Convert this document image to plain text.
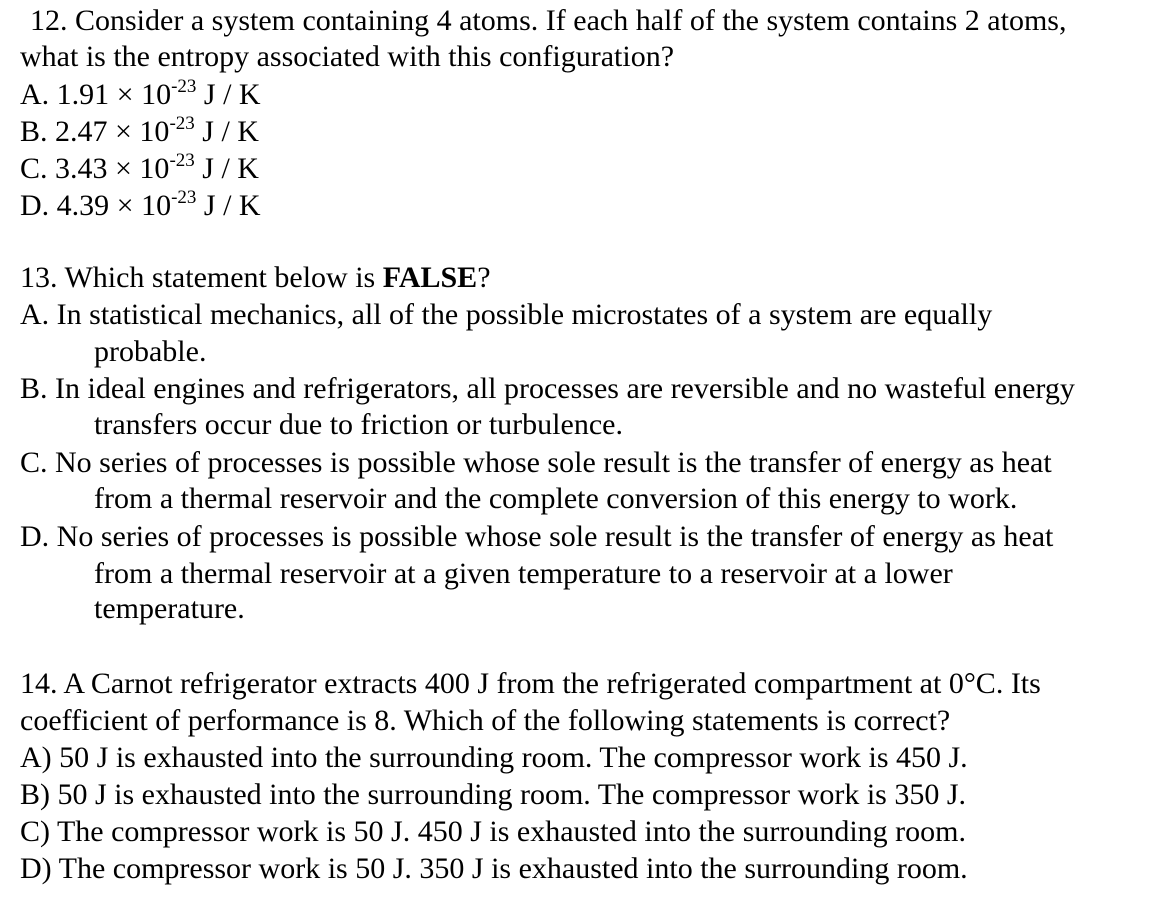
12. Consider a system containing 4 atoms. If each half of the system contains 2 atoms,

what is the entropy associated with this configuration?

A. $1.91 \times 10^{-23}$ J / K

B. $2.47 \times 10^{-23}$ J / K

C. $3.43 \times 10^{-23}$ J / K

D. $4.39 \times 10^{-23}$ J / K

13. Which statement below is FALSE?

A. In statistical mechanics, all of the possible microstates of a system are equally

probable.

B. In ideal engines and refrigerators, all processes are reversible and no wasteful energy

transfers occur due to friction or turbulence.

C. No series of processes is possible whose sole result is the transfer of energy as heat

from a thermal reservoir and the complete conversion of this energy to work.

D. No series of processes is possible whose sole result is the transfer of energy as heat

from a thermal reservoir at a given temperature to a reservoir at a lower

temperature.

14. A Carnot refrigerator extracts 400 J from the refrigerated compartment at 0°C. Its

coefficient of performance is 8. Which of the following statements is correct?

A) 50 J is exhausted into the surrounding room. The compressor work is 450 J.

B) 50 J is exhausted into the surrounding room. The compressor work is 350 J.

C) The compressor work is 50 J. 450 J is exhausted into the surrounding room.

D) The compressor work is 50 J. 350 J is exhausted into the surrounding room.
